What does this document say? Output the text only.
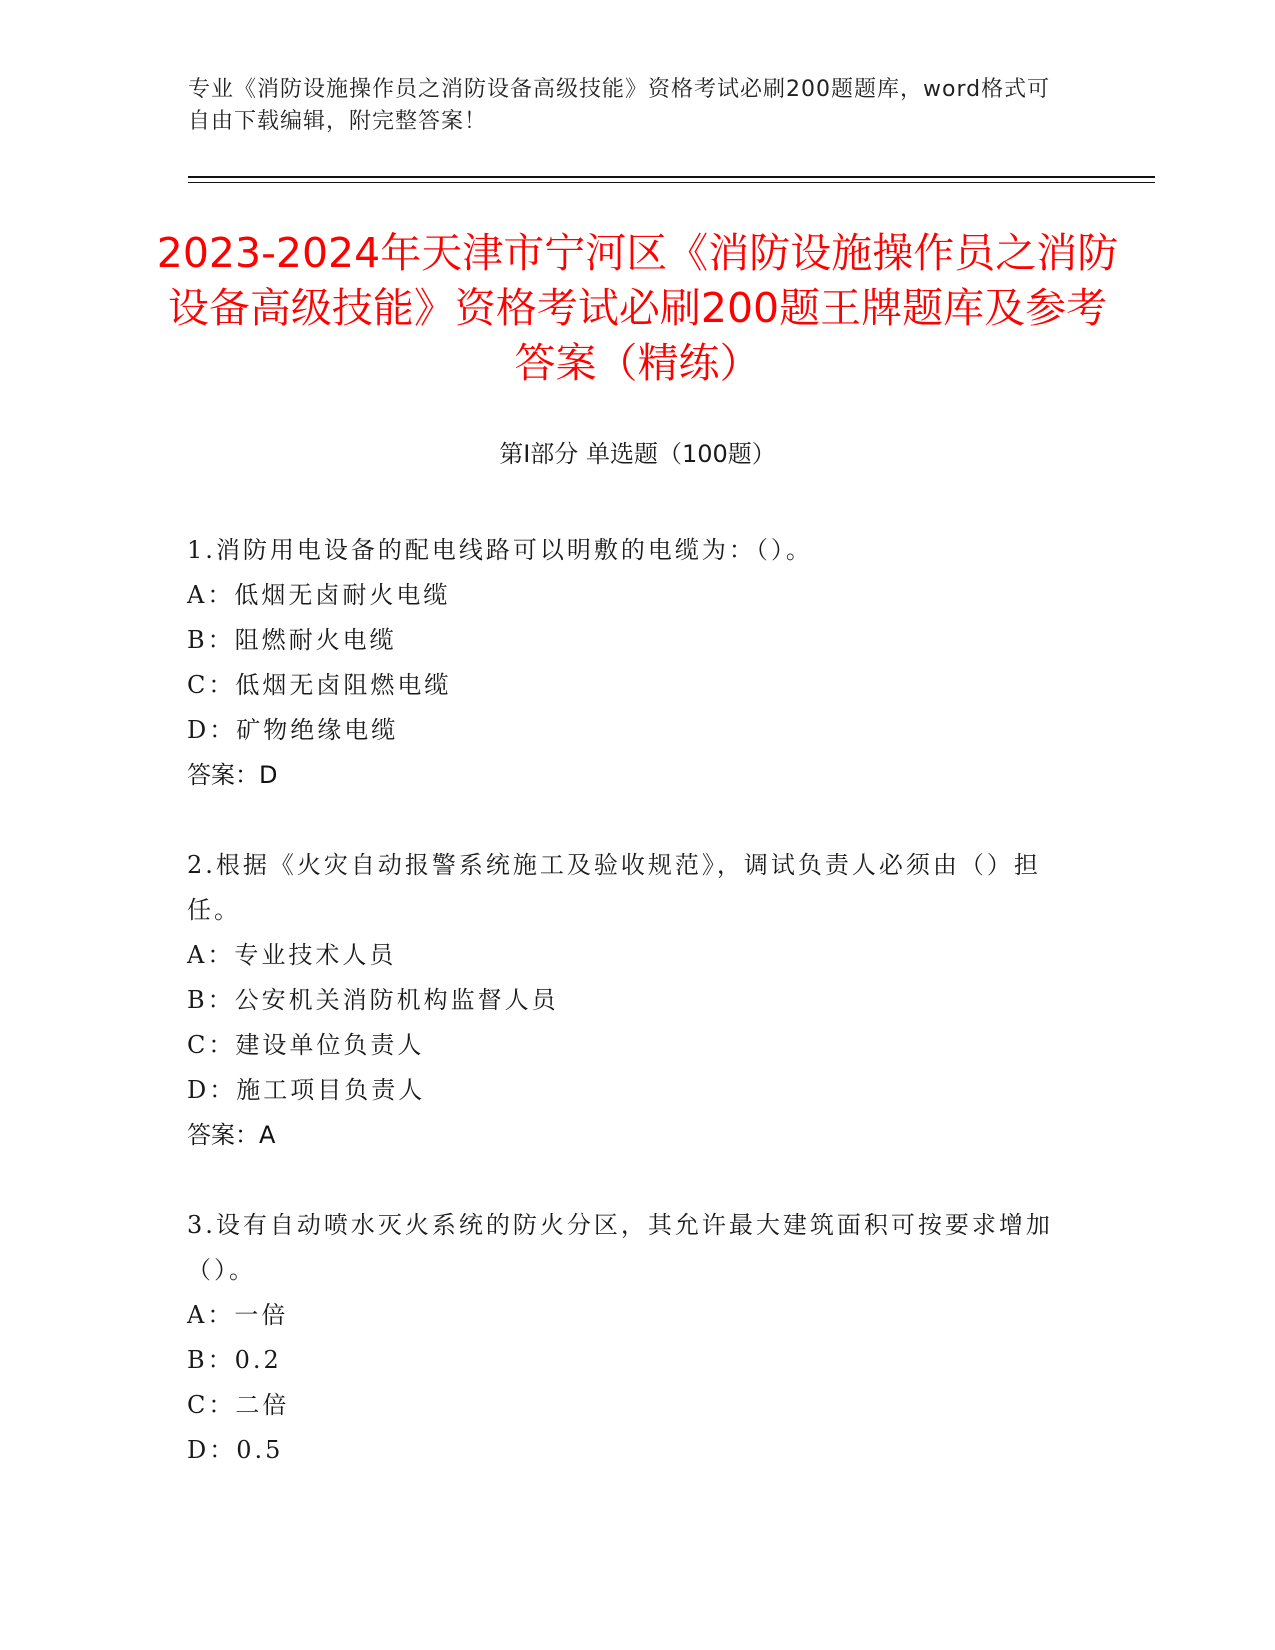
专业《消防设施操作员之消防设备高级技能》资格考试必刷200题题库，word格式可自由下载编辑，附完整答案！
2023-2024年天津市宁河区《消防设施操作员之消防设备高级技能》资格考试必刷200题王牌题库及参考答案（精练）
第Ⅰ部分 单选题（100题）
1.消防用电设备的配电线路可以明敷的电缆为：（）。
A：低烟无卤耐火电缆
B：阻燃耐火电缆
C：低烟无卤阻燃电缆
D：矿物绝缘电缆
答案：D
2.根据《火灾自动报警系统施工及验收规范》，调试负责人必须由（）担任。
A：专业技术人员
B：公安机关消防机构监督人员
C：建设单位负责人
D：施工项目负责人
答案：A
3.设有自动喷水灭火系统的防火分区，其允许最大建筑面积可按要求增加（）。
A：一倍
B：0.2
C：二倍
D：0.5
